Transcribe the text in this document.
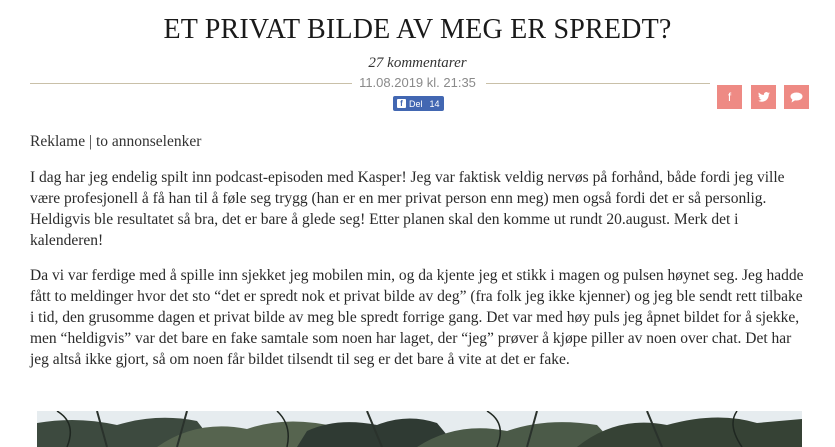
ET PRIVAT BILDE AV MEG ER SPREDT?
27 kommentarer
11.08.2019 kl. 21:35
f Del 14	f
Reklame | to annonselenker

I dag har jeg endelig spilt inn podcast-episoden med Kasper! Jeg var faktisk veldig nervøs på forhånd, både fordi jeg ville være profesjonell å få han til å føle seg trygg (han er en mer privat person enn meg) men også fordi det er så personlig. Heldigvis ble resultatet så bra, det er bare å glede seg! Etter planen skal den komme ut rundt 20.august. Merk det i kalenderen!

Da vi var ferdige med å spille inn sjekket jeg mobilen min, og da kjente jeg et stikk i magen og pulsen høynet seg. Jeg hadde fått to meldinger hvor det sto “det er spredt nok et privat bilde av deg” (fra folk jeg ikke kjenner) og jeg ble sendt rett tilbake i tid, den grusomme dagen et privat bilde av meg ble spredt forrige gang. Det var med høy puls jeg åpnet bildet for å sjekke, men “heldigvis” var det bare en fake samtale som noen har laget, der “jeg” prøver å kjøpe piller av noen over chat. Det har jeg altså ikke gjort, så om noen får bildet tilsendt til seg er det bare å vite at det er fake.
